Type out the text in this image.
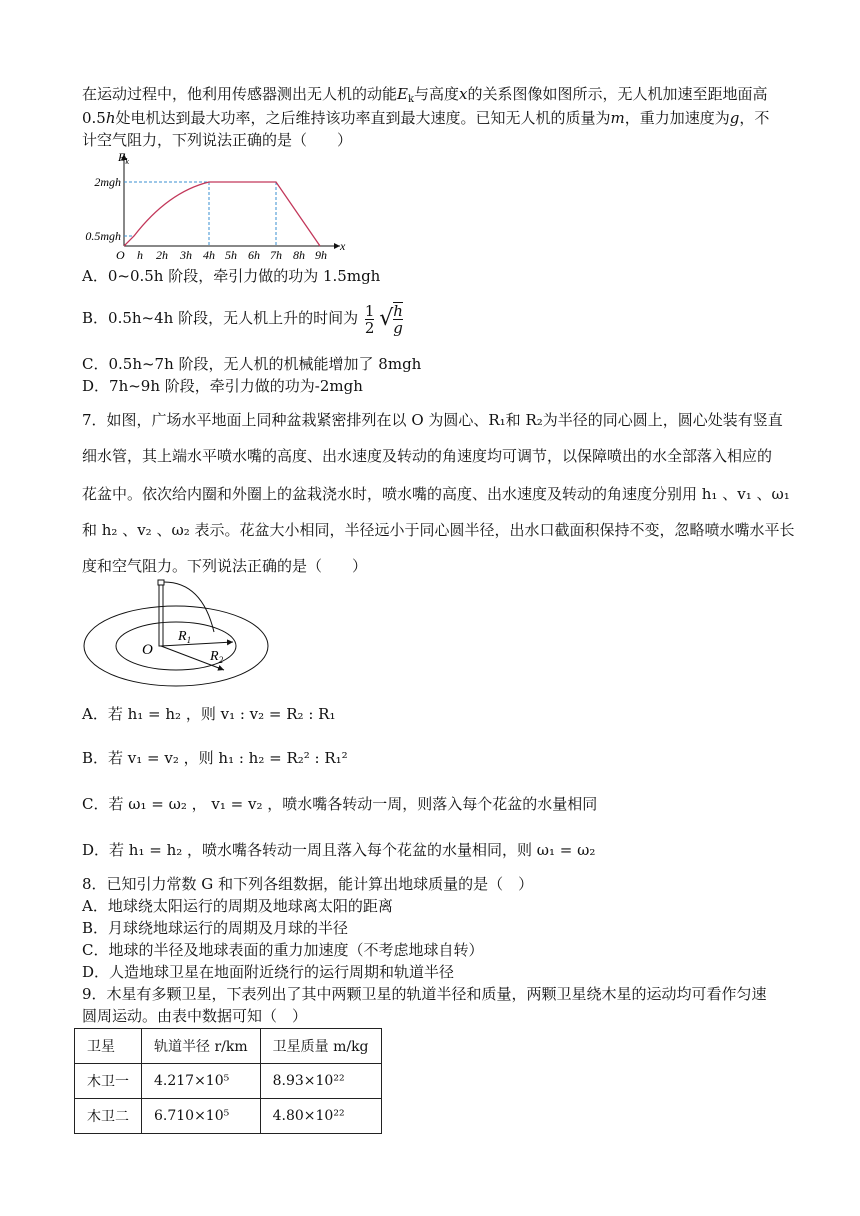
在运动过程中，他利用传感器测出无人机的动能$E_k$与高度x的关系图像如图所示，无人机加速至距地面高
0.5h处电机达到最大功率，之后维持该功率直到最大速度。已知无人机的质量为m，重力加速度为g，不
计空气阻力，下列说法正确的是（　　）
$E_k$
x
O
2mgh
0.5mgh
h 2h 3h 4h 5h 6h 7h 8h 9h
A．0~0.5h 阶段，牵引力做的功为 1.5mgh
B．0.5h~4h 阶段，无人机上升的时间为 $\frac{1}{2}$ √ $\frac{h}{g}$
C．0.5h~7h 阶段，无人机的机械能增加了 8mgh
D．7h~9h 阶段，牵引力做的功为-2mgh
7．如图，广场水平地面上同种盆栽紧密排列在以 O 为圆心、R₁和 R₂为半径的同心圆上，圆心处装有竖直
细水管，其上端水平喷水嘴的高度、出水速度及转动的角速度均可调节，以保障喷出的水全部落入相应的
花盆中。依次给内圈和外圈上的盆栽浇水时，喷水嘴的高度、出水速度及转动的角速度分别用 h₁ 、v₁ 、ω₁
和 h₂ 、v₂ 、ω₂ 表示。花盆大小相同，半径远小于同心圆半径，出水口截面积保持不变，忽略喷水嘴水平长
度和空气阻力。下列说法正确的是（　　）
O
$R_1$
$R_2$
A．若 h₁ = h₂ ，则 v₁ : v₂ = R₂ : R₁
B．若 v₁ = v₂ ，则 h₁ : h₂ = R₂² : R₁²
C．若 ω₁ = ω₂ ， v₁ = v₂ ，喷水嘴各转动一周，则落入每个花盆的水量相同
D．若 h₁ = h₂ ，喷水嘴各转动一周且落入每个花盆的水量相同，则 ω₁ = ω₂
8．已知引力常数 G 和下列各组数据，能计算出地球质量的是（　）
A．地球绕太阳运行的周期及地球离太阳的距离
B．月球绕地球运行的周期及月球的半径
C．地球的半径及地球表面的重力加速度（不考虑地球自转）
D．人造地球卫星在地面附近绕行的运行周期和轨道半径
9．木星有多颗卫星，下表列出了其中两颗卫星的轨道半径和质量，两颗卫星绕木星的运动均可看作匀速
圆周运动。由表中数据可知（　）
卫星	轨道半径 r/km	卫星质量 m/kg
木卫一	4.217×10⁵	8.93×10²²
木卫二	6.710×10⁵	4.80×10²²
